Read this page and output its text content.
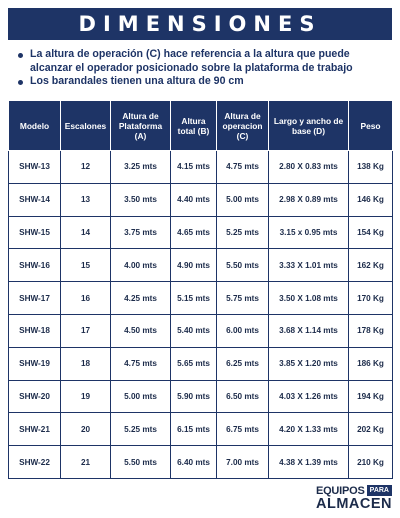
DIMENSIONES
La altura de operación (C) hace referencia a la altura que puede alcanzar el operador posicionado sobre la plataforma de trabajo
Los barandales tienen una altura de 90 cm
Modelo	Escalones	Altura de Plataforma (A)	Altura total (B)	Altura de operacion (C)	Largo y ancho de base (D)	Peso
SHW-13	12	3.25 mts	4.15 mts	4.75 mts	2.80 X 0.83 mts	138 Kg
SHW-14	13	3.50 mts	4.40 mts	5.00 mts	2.98 X 0.89 mts	146 Kg
SHW-15	14	3.75 mts	4.65 mts	5.25 mts	3.15 x 0.95 mts	154 Kg
SHW-16	15	4.00 mts	4.90 mts	5.50 mts	3.33 X 1.01 mts	162 Kg
SHW-17	16	4.25 mts	5.15 mts	5.75 mts	3.50 X 1.08 mts	170 Kg
SHW-18	17	4.50 mts	5.40 mts	6.00 mts	3.68 X 1.14 mts	178 Kg
SHW-19	18	4.75 mts	5.65 mts	6.25 mts	3.85 X 1.20 mts	186 Kg
SHW-20	19	5.00 mts	5.90 mts	6.50 mts	4.03 X 1.26 mts	194 Kg
SHW-21	20	5.25 mts	6.15 mts	6.75 mts	4.20 X 1.33 mts	202 Kg
SHW-22	21	5.50 mts	6.40 mts	7.00 mts	4.38 X 1.39 mts	210 Kg
EQUIPOS PARA
ALMACEN
